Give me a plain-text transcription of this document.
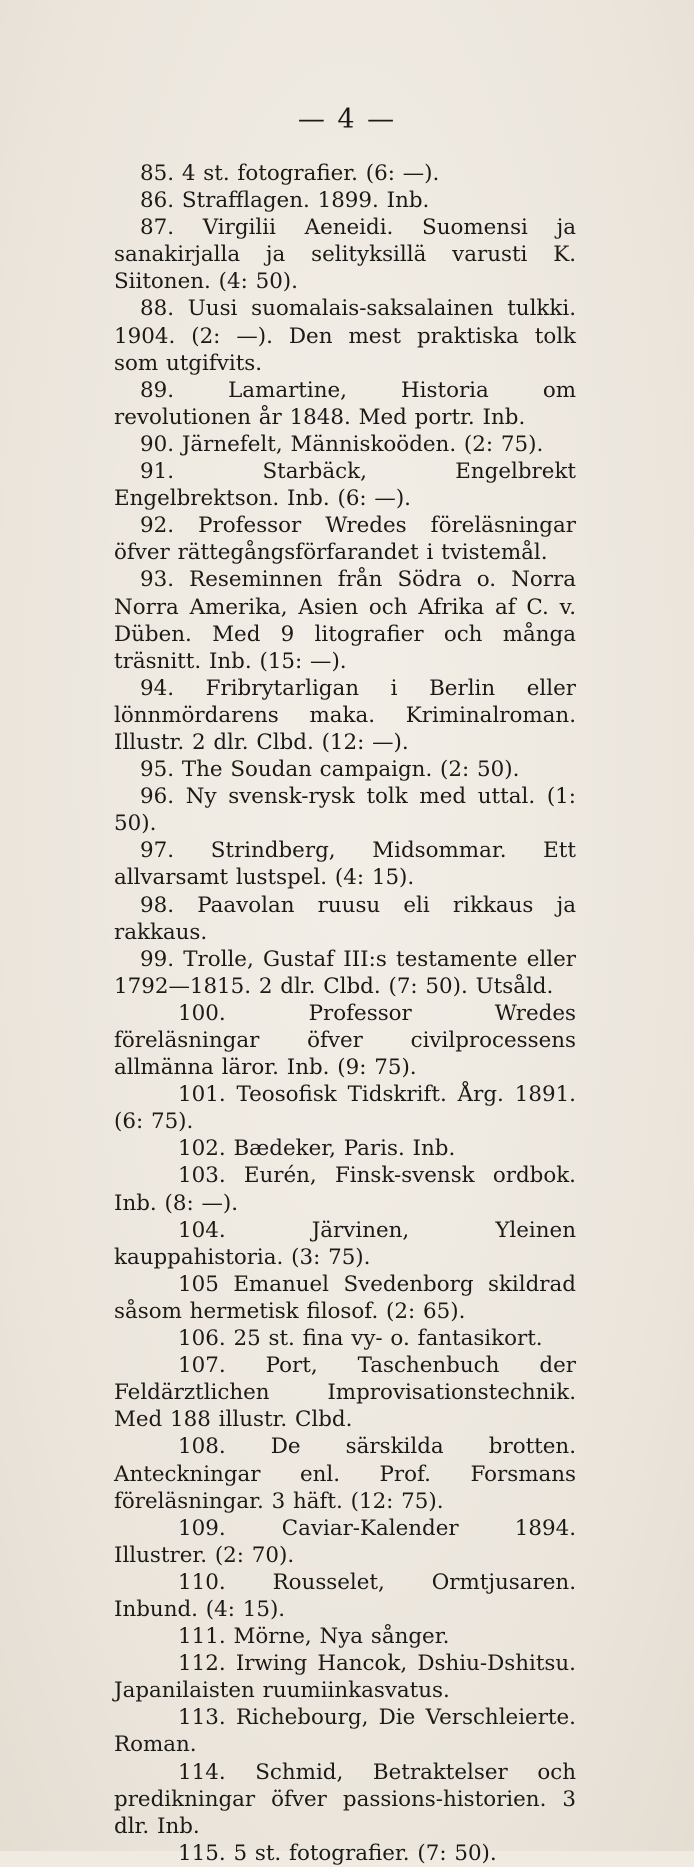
— 4 —
85. 4 st. fotografier. (6: —).
86. Strafflagen. 1899. Inb.
87. Virgilii Aeneidi. Suomensi ja sanakirjalla ja selityksillä varusti K. Siitonen. (4: 50).
88. Uusi suomalais-saksalainen tulkki. 1904. (2: —). Den mest praktiska tolk som utgifvits.
89.	Lamartine, Historia om revolutionen år 1848. Med portr. Inb.
90. Järnefelt, Människoöden. (2: 75).
91.	Starbäck, Engelbrekt Engelbrektson. Inb. (6: —).
92. Professor Wredes föreläsningar öfver rättegångsförfarandet i tvistemål.
93. Reseminnen från Södra o. Norra Norra Amerika, Asien och Afrika af C. v. Düben. Med 9 litografier och många träsnitt. Inb. (15: —).
94. Fribrytarligan i Berlin eller lönnmördarens maka. Kriminalroman. Illustr. 2 dlr. Clbd. (12: —).
95. The Soudan campaign. (2: 50).
96. Ny svensk-rysk tolk med uttal. (1: 50).
97. Strindberg, Midsommar. Ett allvarsamt lustspel. (4: 15).
98. Paavolan ruusu eli rikkaus ja rakkaus.
99. Trolle, Gustaf III:s testamente eller 1792—1815. 2 dlr. Clbd. (7: 50). Utsåld.
100.	Professor Wredes föreläsningar öfver civilprocessens allmänna läror. Inb. (9: 75).
101. Teosofisk Tidskrift. Årg. 1891. (6: 75).
102. Bædeker, Paris. Inb.
103. Eurén, Finsk-svensk ordbok. Inb. (8: —).
104.	Järvinen, Yleinen kauppahistoria. (3: 75).
105 Emanuel Svedenborg skildrad såsom hermetisk filosof. (2: 65).
106. 25 st. fina vy- o. fantasikort.
107. Port, Taschenbuch der Feldärztlichen Improvisationstechnik. Med 188 illustr. Clbd.
108. De särskilda brotten. Anteckningar enl. Prof. Forsmans föreläsningar. 3 häft. (12: 75).
109.	Caviar-Kalender 1894. Illustrer. (2: 70).
110. Rousselet, Ormtjusaren. Inbund. (4: 15).
111. Mörne, Nya sånger.
112. Irwing Hancok, Dshiu-Dshitsu. Japanilaisten ruumiinkasvatus.
113. Richebourg, Die Verschleierte. Roman.
114. Schmid, Betraktelser och predikningar öfver passions-historien. 3 dlr. Inb.
115. 5 st. fotografier. (7: 50).
